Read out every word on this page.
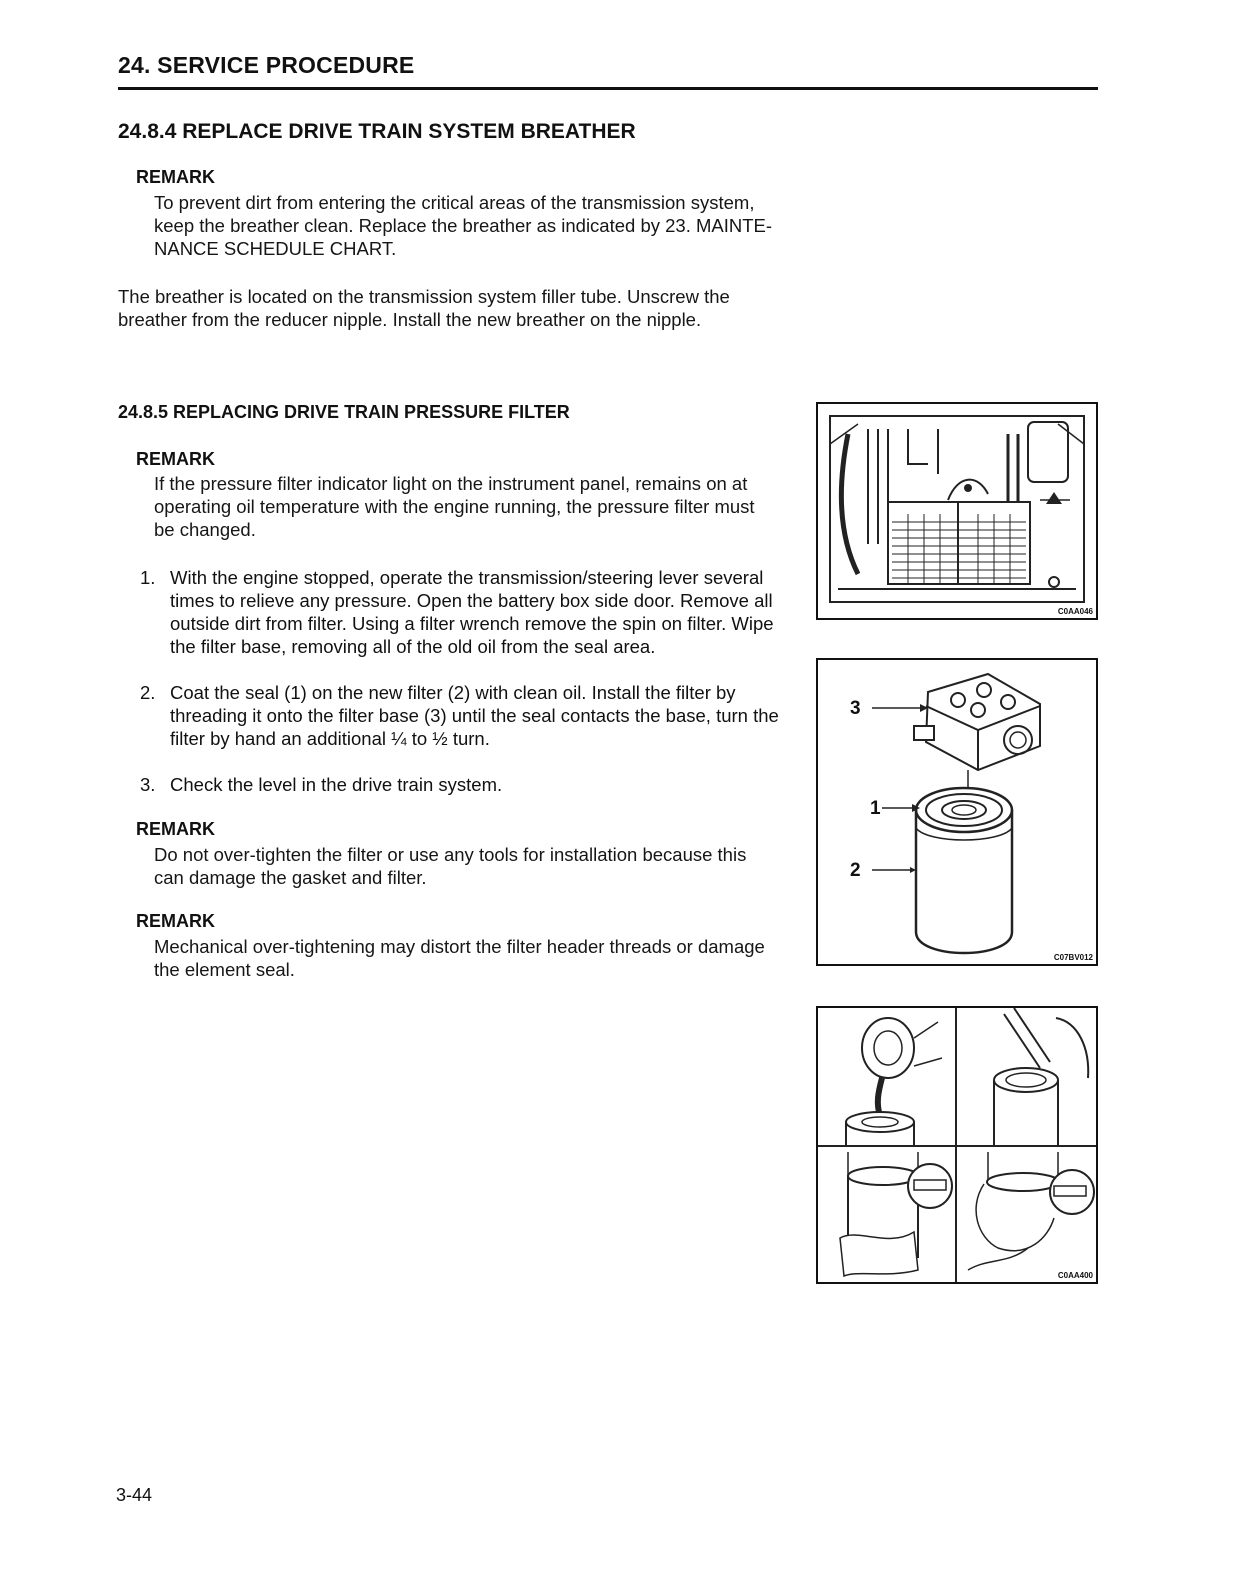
24. SERVICE PROCEDURE
24.8.4 REPLACE DRIVE TRAIN SYSTEM BREATHER
REMARK
To prevent dirt from entering the critical areas of the transmission system,
keep the breather clean. Replace the breather as indicated by 23. MAINTE-
NANCE SCHEDULE CHART.
The breather is located on the transmission system filler tube. Unscrew the
breather from the reducer nipple. Install the new breather on the nipple.
24.8.5 REPLACING DRIVE TRAIN PRESSURE FILTER
REMARK
If the pressure filter indicator light on the instrument panel, remains on at
operating oil temperature with the engine running, the pressure filter must
be changed.
1. With the engine stopped, operate the transmission/steering lever several
times to relieve any pressure. Open the battery box side door. Remove all
outside dirt from filter. Using a filter wrench remove the spin on filter. Wipe
the filter base, removing all of the old oil from the seal area.
2. Coat the seal (1) on the new filter (2) with clean oil. Install the filter by
threading it onto the filter base (3) until the seal contacts the base, turn the
filter by hand an additional ¼ to ½ turn.
3. Check the level in the drive train system.
REMARK
Do not over-tighten the filter or use any tools for installation because this
can damage the gasket and filter.
REMARK
Mechanical over-tightening may distort the filter header threads or damage
the element seal.
C0AA046
3
1
2
C07BV012
C0AA400
3-44
